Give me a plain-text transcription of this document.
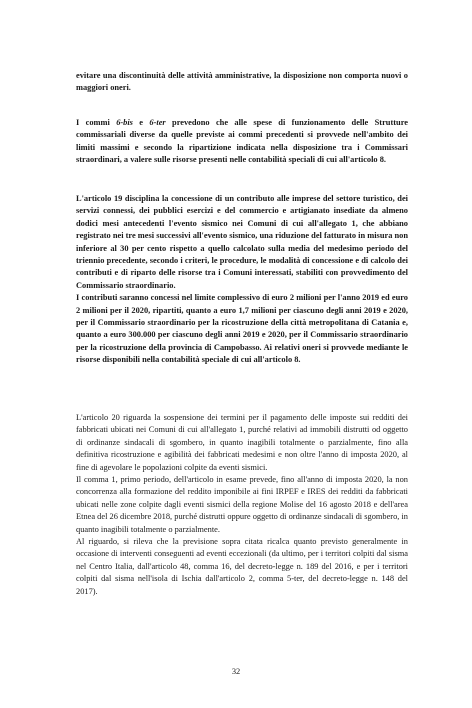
evitare una discontinuità delle attività amministrative, la disposizione non comporta nuovi o maggiori oneri.

I commi 6-bis e 6-ter prevedono che alle spese di funzionamento delle Strutture commissariali diverse da quelle previste ai commi precedenti si provvede nell'ambito dei limiti massimi e secondo la ripartizione indicata nella disposizione tra i Commissari straordinari, a valere sulle risorse presenti nelle contabilità speciali di cui all'articolo 8.

L'articolo 19 disciplina la concessione di un contributo alle imprese del settore turistico, dei servizi connessi, dei pubblici esercizi e del commercio e artigianato insediate da almeno dodici mesi antecedenti l'evento sismico nei Comuni di cui all'allegato 1, che abbiano registrato nei tre mesi successivi all'evento sismico, una riduzione del fatturato in misura non inferiore al 30 per cento rispetto a quello calcolato sulla media del medesimo periodo del triennio precedente, secondo i criteri, le procedure, le modalità di concessione e di calcolo dei contributi e di riparto delle risorse tra i Comuni interessati, stabiliti con provvedimento del Commissario straordinario.

I contributi saranno concessi nel limite complessivo di euro 2 milioni per l'anno 2019 ed euro 2 milioni per il 2020, ripartiti, quanto a euro 1,7 milioni per ciascuno degli anni 2019 e 2020, per il Commissario straordinario per la ricostruzione della città metropolitana di Catania e, quanto a euro 300.000 per ciascuno degli anni 2019 e 2020, per il Commissario straordinario per la ricostruzione della provincia di Campobasso. Ai relativi oneri si provvede mediante le risorse disponibili nella contabilità speciale di cui all'articolo 8.

L'articolo 20 riguarda la sospensione dei termini per il pagamento delle imposte sui redditi dei fabbricati ubicati nei Comuni di cui all'allegato 1, purché relativi ad immobili distrutti od oggetto di ordinanze sindacali di sgombero, in quanto inagibili totalmente o parzialmente, fino alla definitiva ricostruzione e agibilità dei fabbricati medesimi e non oltre l'anno di imposta 2020, al fine di agevolare le popolazioni colpite da eventi sismici.

Il comma 1, primo periodo, dell'articolo in esame prevede, fino all'anno di imposta 2020, la non concorrenza alla formazione del reddito imponibile ai fini IRPEF e IRES dei redditi da fabbricati ubicati nelle zone colpite dagli eventi sismici della regione Molise del 16 agosto 2018 e dell'area Etnea del 26 dicembre 2018, purché distrutti oppure oggetto di ordinanze sindacali di sgombero, in quanto inagibili totalmente o parzialmente.

Al riguardo, si rileva che la previsione sopra citata ricalca quanto previsto generalmente in occasione di interventi conseguenti ad eventi eccezionali (da ultimo, per i territori colpiti dal sisma nel Centro Italia, dall'articolo 48, comma 16, del decreto-legge n. 189 del 2016, e per i territori colpiti dal sisma nell'isola di Ischia dall'articolo 2, comma 5-ter, del decreto-legge n. 148 del 2017).

32
